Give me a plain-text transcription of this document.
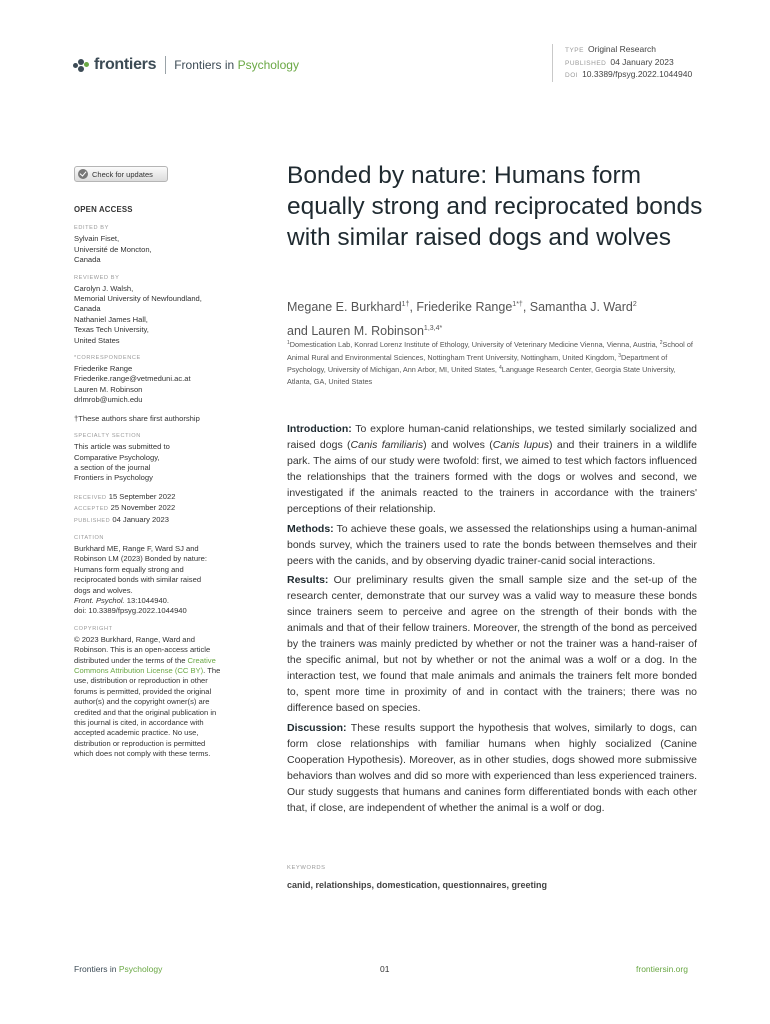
frontiers Frontiers in Psychology
TYPE Original Research
PUBLISHED 04 January 2023
DOI 10.3389/fpsyg.2022.1044940
Check for updates
OPEN ACCESS
EDITED BY
Sylvain Fiset,
Université de Moncton,
Canada
REVIEWED BY
Carolyn J. Walsh,
Memorial University of Newfoundland,
Canada
Nathaniel James Hall,
Texas Tech University,
United States
*CORRESPONDENCE
Friederike Range
Friederike.range@vetmeduni.ac.at
Lauren M. Robinson
drlmrob@umich.edu
†These authors share first authorship
SPECIALTY SECTION
This article was submitted to
Comparative Psychology,
a section of the journal
Frontiers in Psychology
RECEIVED 15 September 2022
ACCEPTED 25 November 2022
PUBLISHED 04 January 2023
CITATION
Burkhard ME, Range F, Ward SJ and
Robinson LM (2023) Bonded by nature:
Humans form equally strong and
reciprocated bonds with similar raised
dogs and wolves.
Front. Psychol. 13:1044940.
doi: 10.3389/fpsyg.2022.1044940
COPYRIGHT
© 2023 Burkhard, Range, Ward and
Robinson. This is an open-access article
distributed under the terms of the Creative
Commons Attribution License (CC BY). The
use, distribution or reproduction in other
forums is permitted, provided the original
author(s) and the copyright owner(s) are
credited and that the original publication in
this journal is cited, in accordance with
accepted academic practice. No use,
distribution or reproduction is permitted
which does not comply with these terms.
Bonded by nature: Humans form equally strong and reciprocated bonds with similar raised dogs and wolves
Megane E. Burkhard$^{1\dagger}$, Friederike Range$^{1*\dagger}$, Samantha J. Ward$^2$
and Lauren M. Robinson$^{1,3,4*}$
$^1$Domestication Lab, Konrad Lorenz Institute of Ethology, University of Veterinary Medicine Vienna, Vienna, Austria, $^2$School of Animal Rural and Environmental Sciences, Nottingham Trent University, Nottingham, United Kingdom, $^3$Department of Psychology, University of Michigan, Ann Arbor, MI, United States, $^4$Language Research Center, Georgia State University, Atlanta, GA, United States

Introduction: To explore human-canid relationships, we tested similarly socialized and raised dogs (Canis familiaris) and wolves (Canis lupus) and their trainers in a wildlife park. The aims of our study were twofold: first, we aimed to test which factors influenced the relationships that the trainers formed with the dogs or wolves and second, we investigated if the animals reacted to the trainers in accordance with the trainers' perceptions of their relationship.

Methods: To achieve these goals, we assessed the relationships using a human-animal bonds survey, which the trainers used to rate the bonds between themselves and their peers with the canids, and by observing dyadic trainer-canid social interactions.

Results: Our preliminary results given the small sample size and the set-up of the research center, demonstrate that our survey was a valid way to measure these bonds since trainers seem to perceive and agree on the strength of their bonds with the animals and that of their fellow trainers. Moreover, the strength of the bond as perceived by the trainers was mainly predicted by whether or not the trainer was a hand-raiser of the specific animal, but not by whether or not the animal was a wolf or a dog. In the interaction test, we found that male animals and animals the trainers felt more bonded to, spent more time in proximity of and in contact with the trainers; there was no difference based on species.

Discussion: These results support the hypothesis that wolves, similarly to dogs, can form close relationships with familiar humans when highly socialized (Canine Cooperation Hypothesis). Moreover, as in other studies, dogs showed more submissive behaviors than wolves and did so more with experienced than less experienced trainers. Our study suggests that humans and canines form differentiated bonds with each other that, if close, are independent of whether the animal is a wolf or dog.

KEYWORDS
canid, relationships, domestication, questionnaires, greeting
Frontiers in Psychology	01	frontiersin.org
